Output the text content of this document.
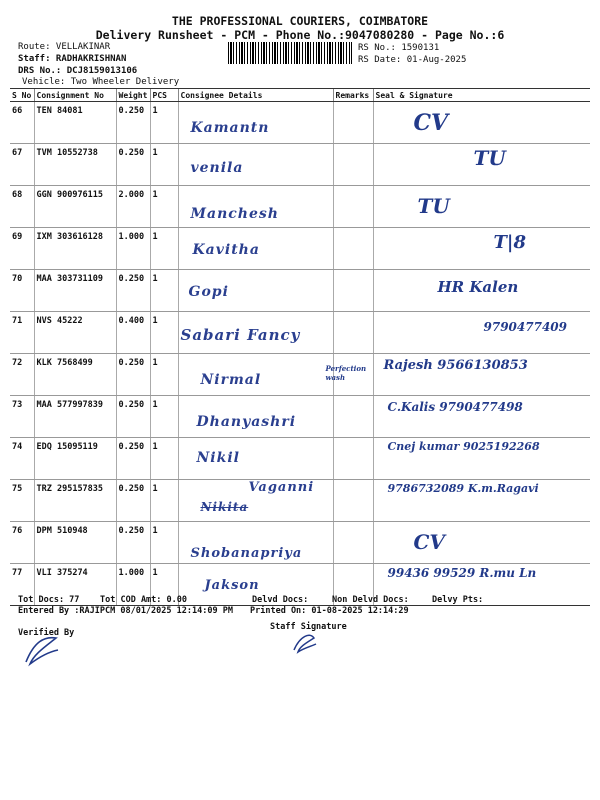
THE PROFESSIONAL COURIERS, COIMBATORE
Delivery Runsheet - PCM - Phone No.:9047080280 - Page No.:6
Route: VELLAKINAR
Staff: RADHAKRISHNAN
DRS No.: DCJ8159013106
Vehicle: Two Wheeler Delivery
RS No.: 1590131
RS Date: 01-Aug-2025
S No	Consignment No	Weight	PCS	Consignee Details	Remarks	Seal & Signature
66	TEN 84081	0.250	1	Kamantn		CV

67	TVM 10552738	0.250	1	venila		TU

68	GGN 900976115	2.000	1	Manchesh		TU

69	IXM 303616128	1.000	1	Kavitha		T|8

70	MAA 303731109	0.250	1	Gopi		HR Kalen

71	NVS 45222	0.400	1	Sabari Fancy		9790477409

72	KLK 7568499	0.250	1	Nirmal	Perfection wash	Rajesh 9566130853

73	MAA 577997839	0.250	1	Dhanyashri		C.Kalis 9790477498

74	EDQ 15095119	0.250	1	Nikil		Cnej kumar 9025192268

75	TRZ 295157835	0.250	1	Vaganni
Nikita		9786732089 K.m.Ragavi

76	DPM 510948	0.250	1	Shobanapriya		CV

77	VLI 375274	1.000	1	Jakson		99436 99529 R.mu Ln
Tot Docs: 77 Tot COD Amt: 0.00	Delvd Docs:	Non Delvd Docs:	Delvy Pts:
Entered By :RAJIPCM 08/01/2025 12:14:09 PM Printed On: 01-08-2025 12:14:29
Verified By
Staff Signature
